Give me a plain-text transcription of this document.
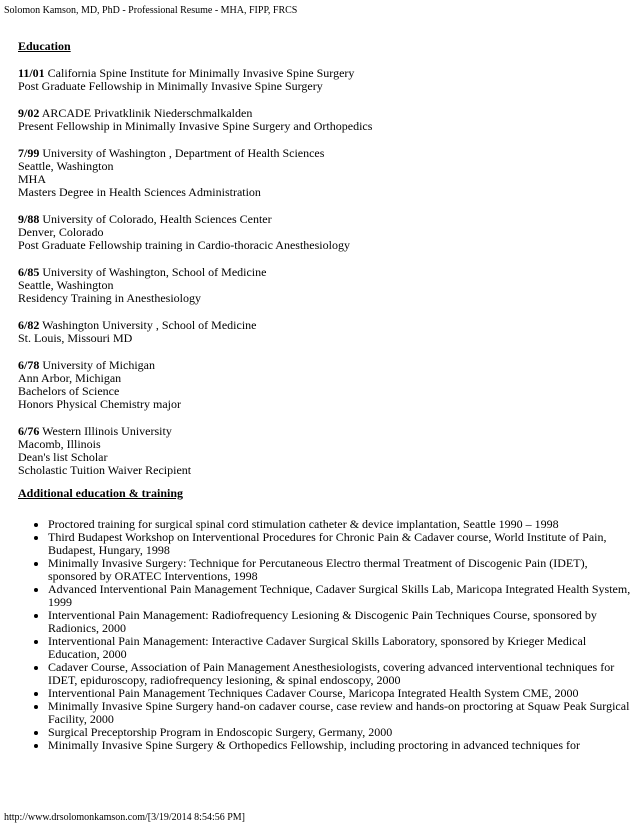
Solomon Kamson, MD, PhD - Professional Resume - MHA, FIPP, FRCS
Education
11/01 California Spine Institute for Minimally Invasive Spine Surgery
Post Graduate Fellowship in Minimally Invasive Spine Surgery
9/02 ARCADE Privatklinik Niederschmalkalden
Present Fellowship in Minimally Invasive Spine Surgery and Orthopedics
7/99 University of Washington , Department of Health Sciences
Seattle, Washington
MHA
Masters Degree in Health Sciences Administration
9/88 University of Colorado, Health Sciences Center
Denver, Colorado
Post Graduate Fellowship training in Cardio-thoracic Anesthesiology
6/85 University of Washington, School of Medicine
Seattle, Washington
Residency Training in Anesthesiology
6/82 Washington University , School of Medicine
St. Louis, Missouri MD
6/78 University of Michigan
Ann Arbor, Michigan
Bachelors of Science
Honors Physical Chemistry major
6/76 Western Illinois University
Macomb, Illinois
Dean's list Scholar
Scholastic Tuition Waiver Recipient
Additional education & training
• Proctored training for surgical spinal cord stimulation catheter & device implantation, Seattle 1990 – 1998
• Third Budapest Workshop on Interventional Procedures for Chronic Pain & Cadaver course, World Institute of Pain, Budapest, Hungary, 1998
• Minimally Invasive Surgery: Technique for Percutaneous Electro thermal Treatment of Discogenic Pain (IDET), sponsored by ORATEC Interventions, 1998
• Advanced Interventional Pain Management Technique, Cadaver Surgical Skills Lab, Maricopa Integrated Health System, 1999
• Interventional Pain Management: Radiofrequency Lesioning & Discogenic Pain Techniques Course, sponsored by Radionics, 2000
• Interventional Pain Management: Interactive Cadaver Surgical Skills Laboratory, sponsored by Krieger Medical Education, 2000
• Cadaver Course, Association of Pain Management Anesthesiologists, covering advanced interventional techniques for IDET, epiduroscopy, radiofrequency lesioning, & spinal endoscopy, 2000
• Interventional Pain Management Techniques Cadaver Course, Maricopa Integrated Health System CME, 2000
• Minimally Invasive Spine Surgery hand-on cadaver course, case review and hands-on proctoring at Squaw Peak Surgical Facility, 2000
• Surgical Preceptorship Program in Endoscopic Surgery, Germany, 2000
• Minimally Invasive Spine Surgery & Orthopedics Fellowship, including proctoring in advanced techniques for
http://www.drsolomonkamson.com/[3/19/2014 8:54:56 PM]
